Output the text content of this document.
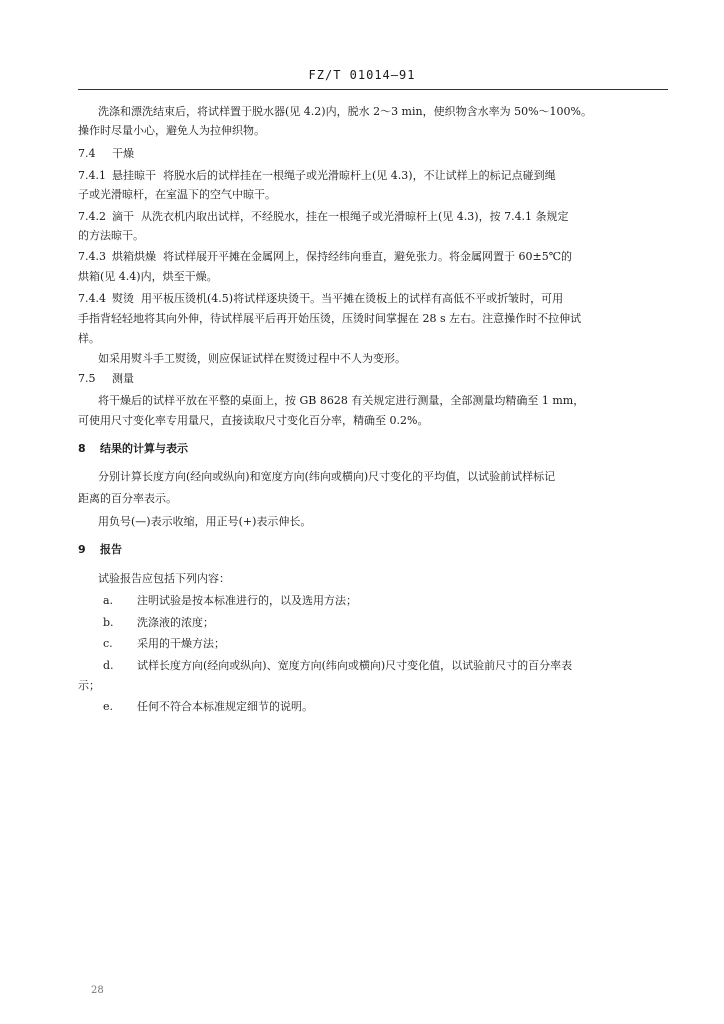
FZ/T 01014—91
洗涤和漂洗结束后，将试样置于脱水器(见 4.2)内，脱水 2～3 min，使织物含水率为 50%～100%。
操作时尽量小心，避免人为拉伸织物。
7.4 干燥
7.4.1 悬挂晾干 将脱水后的试样挂在一根绳子或光滑晾杆上(见 4.3)，不让试样上的标记点碰到绳
子或光滑晾杆，在室温下的空气中晾干。
7.4.2 滴干 从洗衣机内取出试样，不经脱水，挂在一根绳子或光滑晾杆上(见 4.3)，按 7.4.1 条规定
的方法晾干。
7.4.3 烘箱烘燥 将试样展开平摊在金属网上，保持经纬向垂直，避免张力。将金属网置于 60±5℃的
烘箱(见 4.4)内，烘至干燥。
7.4.4 熨烫 用平板压烫机(4.5)将试样逐块烫干。当平摊在烫板上的试样有高低不平或折皱时，可用
手指背轻轻地将其向外伸，待试样展平后再开始压烫，压烫时间掌握在 28 s 左右。注意操作时不拉伸试
样。
如采用熨斗手工熨烫，则应保证试样在熨烫过程中不人为变形。
7.5 测量
将干燥后的试样平放在平整的桌面上，按 GB 8628 有关规定进行测量，全部测量均精确至 1 mm，
可使用尺寸变化率专用量尺，直接读取尺寸变化百分率，精确至 0.2%。
8 结果的计算与表示
分别计算长度方向(经向或纵向)和宽度方向(纬向或横向)尺寸变化的平均值，以试验前试样标记
距离的百分率表示。
用负号(—)表示收缩，用正号(+)表示伸长。
9 报告
试验报告应包括下列内容：
a. 注明试验是按本标准进行的，以及选用方法；
b. 洗涤液的浓度；
c. 采用的干燥方法；
d. 试样长度方向(经向或纵向)、宽度方向(纬向或横向)尺寸变化值，以试验前尺寸的百分率表
示；
e. 任何不符合本标准规定细节的说明。
28
